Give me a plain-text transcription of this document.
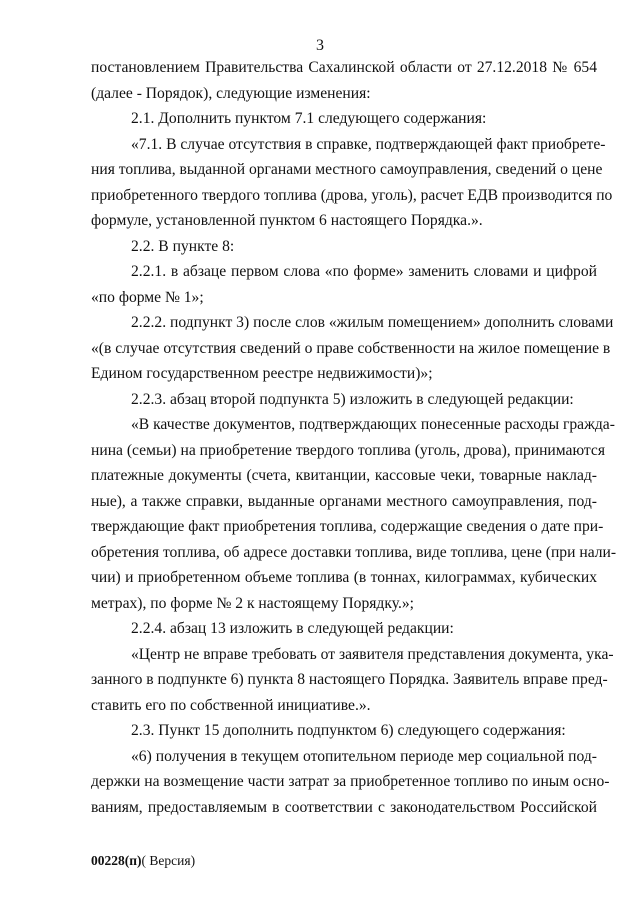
3
постановлением Правительства Сахалинской области от 27.12.2018 № 654
(далее - Порядок), следующие изменения:
2.1. Дополнить пунктом 7.1 следующего содержания:
«7.1. В случае отсутствия в справке, подтверждающей факт приобрете-
ния топлива, выданной органами местного самоуправления, сведений о цене
приобретенного твердого топлива (дрова, уголь), расчет ЕДВ производится по
формуле, установленной пунктом 6 настоящего Порядка.».
2.2. В пункте 8:
2.2.1. в абзаце первом слова «по форме» заменить словами и цифрой
«по форме № 1»;
2.2.2. подпункт 3) после слов «жилым помещением» дополнить словами
«(в случае отсутствия сведений о праве собственности на жилое помещение в
Едином государственном реестре недвижимости)»;
2.2.3. абзац второй подпункта 5) изложить в следующей редакции:
«В качестве документов, подтверждающих понесенные расходы гражда-
нина (семьи) на приобретение твердого топлива (уголь, дрова), принимаются
платежные документы (счета, квитанции, кассовые чеки, товарные наклад-
ные), а также справки, выданные органами местного самоуправления, под-
тверждающие факт приобретения топлива, содержащие сведения о дате при-
обретения топлива, об адресе доставки топлива, виде топлива, цене (при нали-
чии) и приобретенном объеме топлива (в тоннах, килограммах, кубических
метрах), по форме № 2 к настоящему Порядку.»;
2.2.4. абзац 13 изложить в следующей редакции:
«Центр не вправе требовать от заявителя представления документа, ука-
занного в подпункте 6) пункта 8 настоящего Порядка. Заявитель вправе пред-
ставить его по собственной инициативе.».
2.3. Пункт 15 дополнить подпунктом 6) следующего содержания:
«6) получения в текущем отопительном периоде мер социальной под-
держки на возмещение части затрат за приобретенное топливо по иным осно-
ваниям, предоставляемым в соответствии с законодательством Российской
00228(п)( Версия)
